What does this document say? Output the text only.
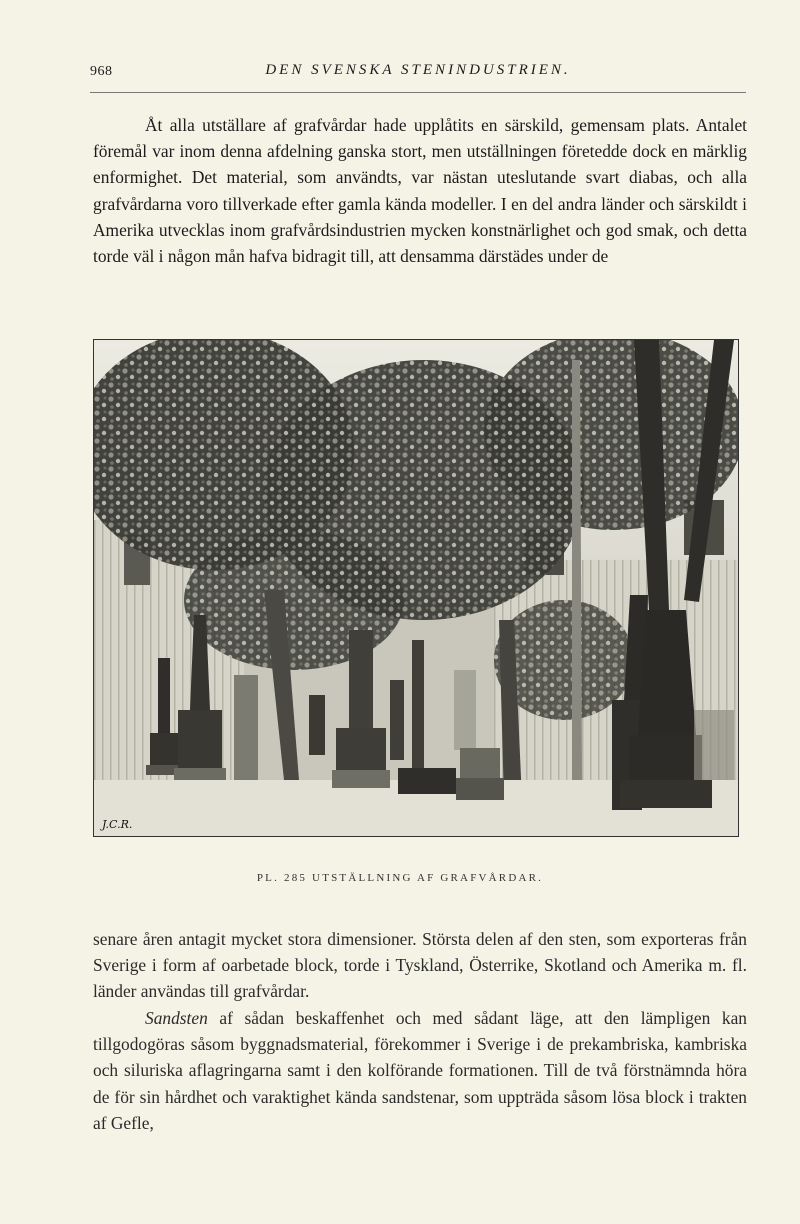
968	DEN SVENSKA STENINDUSTRIEN.

Åt alla utställare af grafvårdar hade upplåtits en särskild, gemensam plats. Antalet föremål var inom denna afdelning ganska stort, men utställningen företedde dock en märklig enformighet. Det material, som användts, var nästan uteslutande svart diabas, och alla grafvårdarna voro tillverkade efter gamla kända modeller. I en del andra länder och särskildt i Amerika utvecklas inom grafvårdsindustrien mycken konstnärlighet och god smak, och detta torde väl i någon mån hafva bidragit till, att densamma därstädes under de

J.C.R.
PL. 285 UTSTÄLLNING AF GRAFVÅRDAR.

senare åren antagit mycket stora dimensioner. Största delen af den sten, som exporteras från Sverige i form af oarbetade block, torde i Tyskland, Österrike, Skotland och Amerika m. fl. länder användas till grafvårdar.

Sandsten af sådan beskaffenhet och med sådant läge, att den lämpligen kan tillgodogöras såsom byggnadsmaterial, förekommer i Sverige i de prekambriska, kambriska och siluriska aflagringarna samt i den kolförande formationen. Till de två förstnämnda höra de för sin hårdhet och varaktighet kända sandstenar, som uppträda såsom lösa block i trakten af Gefle,
